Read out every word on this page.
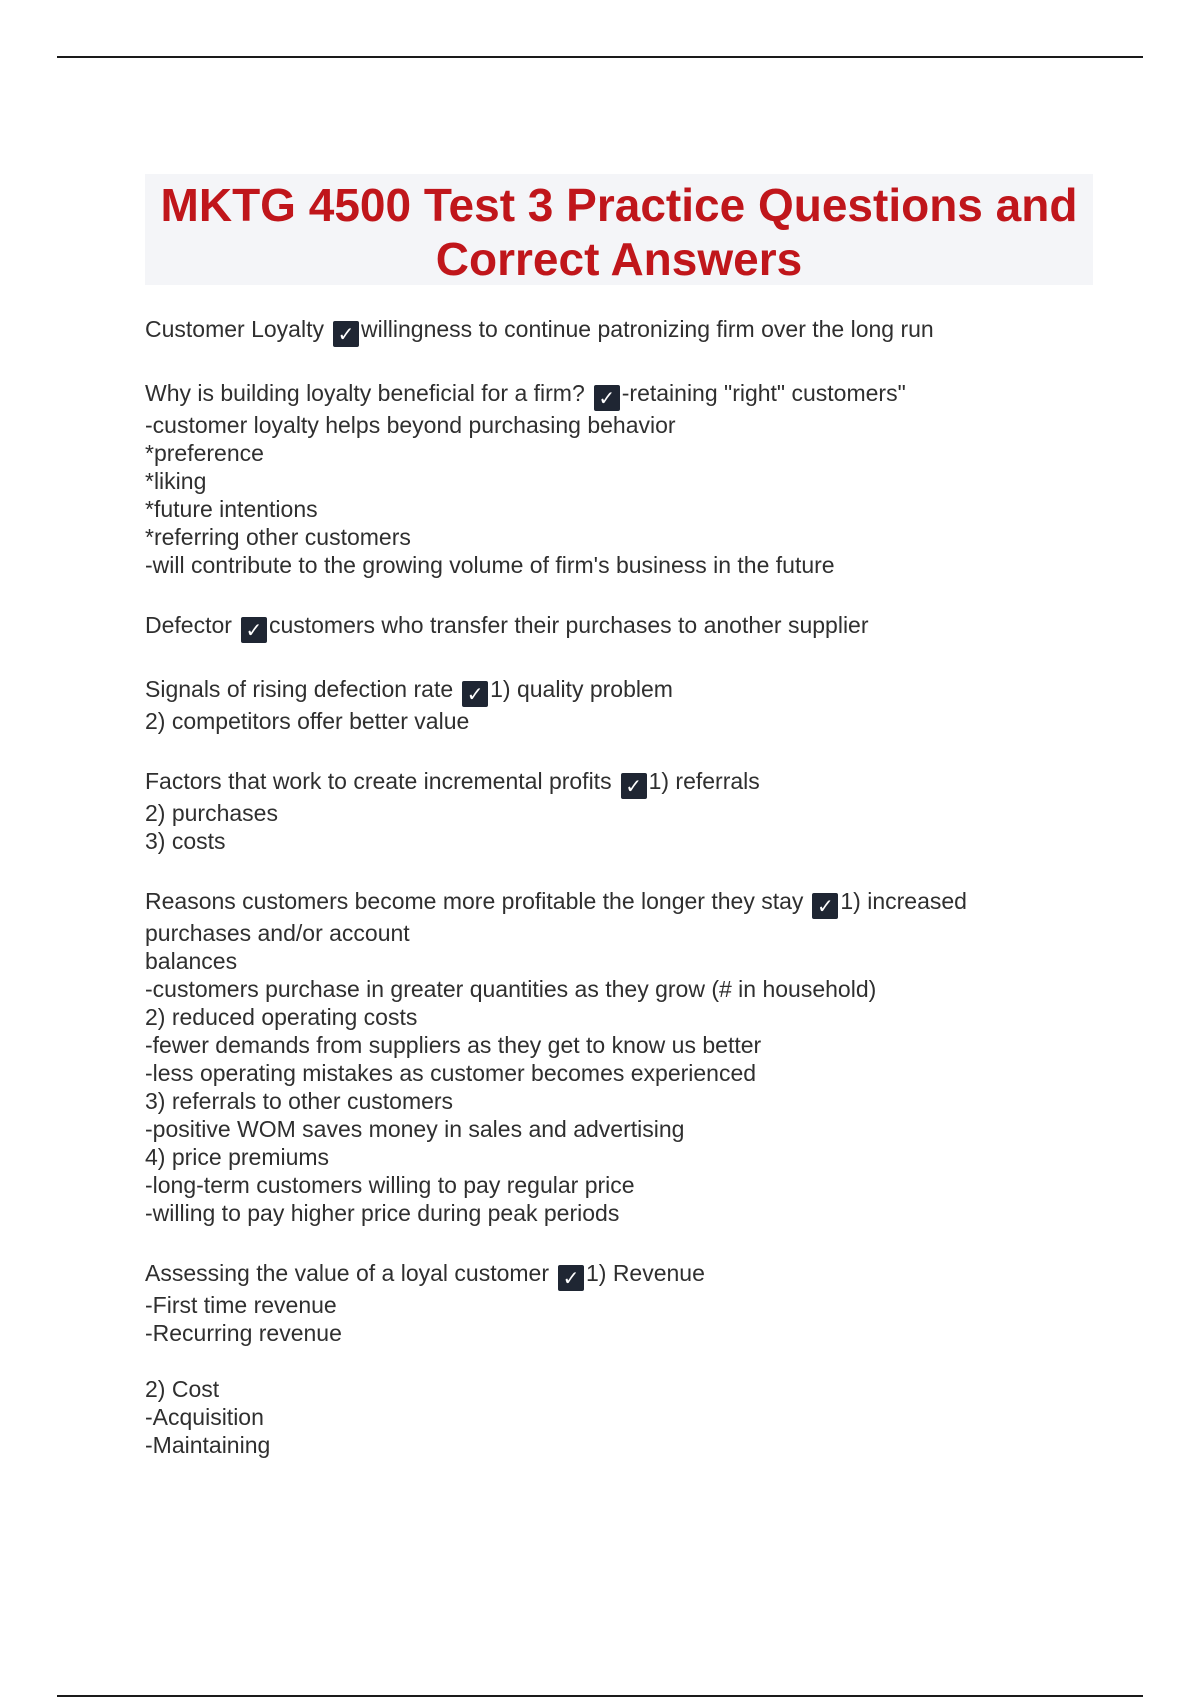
MKTG 4500 Test 3 Practice Questions and Correct Answers
Customer Loyalty ✓ willingness to continue patronizing firm over the long run
Why is building loyalty beneficial for a firm? ✓ -retaining "right" customers"
-customer loyalty helps beyond purchasing behavior
*preference
*liking
*future intentions
*referring other customers
-will contribute to the growing volume of firm's business in the future
Defector ✓ customers who transfer their purchases to another supplier
Signals of rising defection rate ✓ 1) quality problem
2) competitors offer better value
Factors that work to create incremental profits ✓ 1) referrals
2) purchases
3) costs
Reasons customers become more profitable the longer they stay ✓ 1) increased
purchases and/or account
balances
-customers purchase in greater quantities as they grow (# in household)
2) reduced operating costs
-fewer demands from suppliers as they get to know us better
-less operating mistakes as customer becomes experienced
3) referrals to other customers
-positive WOM saves money in sales and advertising
4) price premiums
-long-term customers willing to pay regular price
-willing to pay higher price during peak periods
Assessing the value of a loyal customer ✓ 1) Revenue
-First time revenue
-Recurring revenue
2) Cost
-Acquisition
-Maintaining
